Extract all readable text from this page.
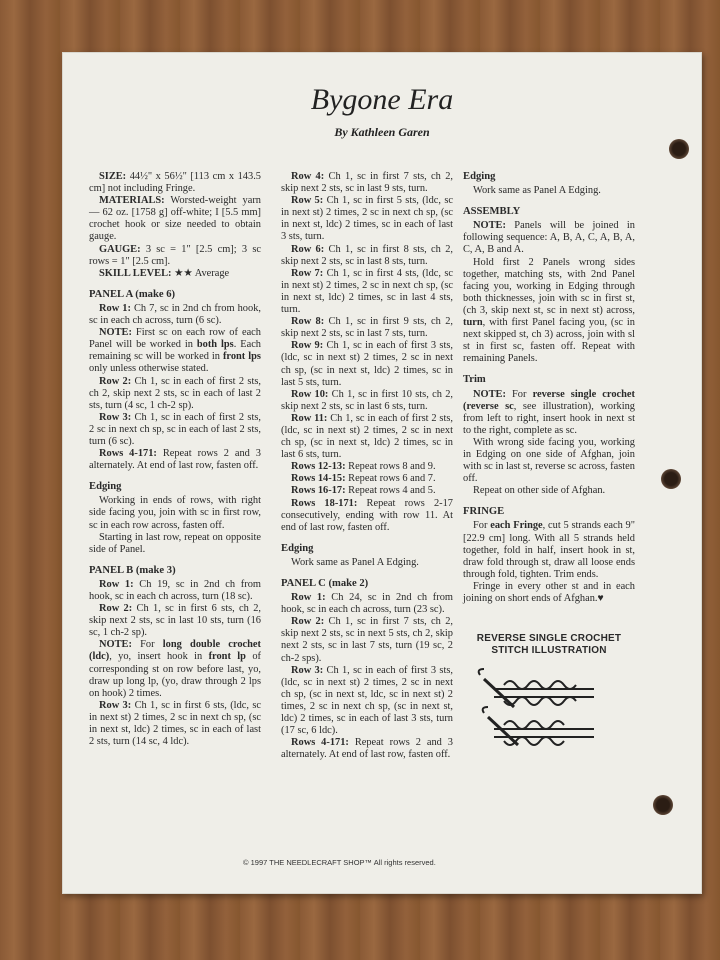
Bygone Era
By Kathleen Garen

SIZE: 44½" x 56½" [113 cm x 143.5 cm] not including Fringe.

MATERIALS: Worsted-weight yarn — 62 oz. [1758 g] off-white; I [5.5 mm] crochet hook or size needed to obtain gauge.

GAUGE: 3 sc = 1" [2.5 cm]; 3 sc rows = 1" [2.5 cm].

SKILL LEVEL: ★★ Average

PANEL A (make 6)

Row 1: Ch 7, sc in 2nd ch from hook, sc in each ch across, turn (6 sc).

NOTE: First sc on each row of each Panel will be worked in both lps. Each remaining sc will be worked in front lps only unless otherwise stated.

Row 2: Ch 1, sc in each of first 2 sts, ch 2, skip next 2 sts, sc in each of last 2 sts, turn (4 sc, 1 ch-2 sp).

Row 3: Ch 1, sc in each of first 2 sts, 2 sc in next ch sp, sc in each of last 2 sts, turn (6 sc).

Rows 4-171: Repeat rows 2 and 3 alternately. At end of last row, fasten off.

Edging

Working in ends of rows, with right side facing you, join with sc in first row, sc in each row across, fasten off.

Starting in last row, repeat on opposite side of Panel.

PANEL B (make 3)

Row 1: Ch 19, sc in 2nd ch from hook, sc in each ch across, turn (18 sc).

Row 2: Ch 1, sc in first 6 sts, ch 2, skip next 2 sts, sc in last 10 sts, turn (16 sc, 1 ch-2 sp).

NOTE: For long double crochet (ldc), yo, insert hook in front lp of corresponding st on row before last, yo, draw up long lp, (yo, draw through 2 lps on hook) 2 times.

Row 3: Ch 1, sc in first 6 sts, (ldc, sc in next st) 2 times, 2 sc in next ch sp, (sc in next st, ldc) 2 times, sc in each of last 2 sts, turn (14 sc, 4 ldc).

Row 4: Ch 1, sc in first 7 sts, ch 2, skip next 2 sts, sc in last 9 sts, turn.

Row 5: Ch 1, sc in first 5 sts, (ldc, sc in next st) 2 times, 2 sc in next ch sp, (sc in next st, ldc) 2 times, sc in each of last 3 sts, turn.

Row 6: Ch 1, sc in first 8 sts, ch 2, skip next 2 sts, sc in last 8 sts, turn.

Row 7: Ch 1, sc in first 4 sts, (ldc, sc in next st) 2 times, 2 sc in next ch sp, (sc in next st, ldc) 2 times, sc in last 4 sts, turn.

Row 8: Ch 1, sc in first 9 sts, ch 2, skip next 2 sts, sc in last 7 sts, turn.

Row 9: Ch 1, sc in each of first 3 sts, (ldc, sc in next st) 2 times, 2 sc in next ch sp, (sc in next st, ldc) 2 times, sc in last 5 sts, turn.

Row 10: Ch 1, sc in first 10 sts, ch 2, skip next 2 sts, sc in last 6 sts, turn.

Row 11: Ch 1, sc in each of first 2 sts, (ldc, sc in next st) 2 times, 2 sc in next ch sp, (sc in next st, ldc) 2 times, sc in last 6 sts, turn.

Rows 12-13: Repeat rows 8 and 9.

Rows 14-15: Repeat rows 6 and 7.

Rows 16-17: Repeat rows 4 and 5.

Rows 18-171: Repeat rows 2-17 consecutively, ending with row 11. At end of last row, fasten off.

Edging

Work same as Panel A Edging.

PANEL C (make 2)

Row 1: Ch 24, sc in 2nd ch from hook, sc in each ch across, turn (23 sc).

Row 2: Ch 1, sc in first 7 sts, ch 2, skip next 2 sts, sc in next 5 sts, ch 2, skip next 2 sts, sc in last 7 sts, turn (19 sc, 2 ch-2 sps).

Row 3: Ch 1, sc in each of first 3 sts, (ldc, sc in next st) 2 times, 2 sc in next ch sp, (sc in next st, ldc, sc in next st) 2 times, 2 sc in next ch sp, (sc in next st, ldc) 2 times, sc in each of last 3 sts, turn (17 sc, 6 ldc).

Rows 4-171: Repeat rows 2 and 3 alternately. At end of last row, fasten off.

Edging

Work same as Panel A Edging.

ASSEMBLY

NOTE: Panels will be joined in following sequence: A, B, A, C, A, B, A, C, A, B and A.

Hold first 2 Panels wrong sides together, matching sts, with 2nd Panel facing you, working in Edging through both thicknesses, join with sc in first st, (ch 3, skip next st, sc in next st) across, turn, with first Panel facing you, (sc in next skipped st, ch 3) across, join with sl st in first sc, fasten off. Repeat with remaining Panels.

Trim

NOTE: For reverse single crochet (reverse sc, see illustration), working from left to right, insert hook in next st to the right, complete as sc.

With wrong side facing you, working in Edging on one side of Afghan, join with sc in last st, reverse sc across, fasten off.

Repeat on other side of Afghan.

FRINGE

For each Fringe, cut 5 strands each 9" [22.9 cm] long. With all 5 strands held together, fold in half, insert hook in st, draw fold through st, draw all loose ends through fold, tighten. Trim ends.

Fringe in every other st and in each joining on short ends of Afghan.♥

REVERSE SINGLE CROCHET
STITCH ILLUSTRATION
© 1997 THE NEEDLECRAFT SHOP™ All rights reserved.
